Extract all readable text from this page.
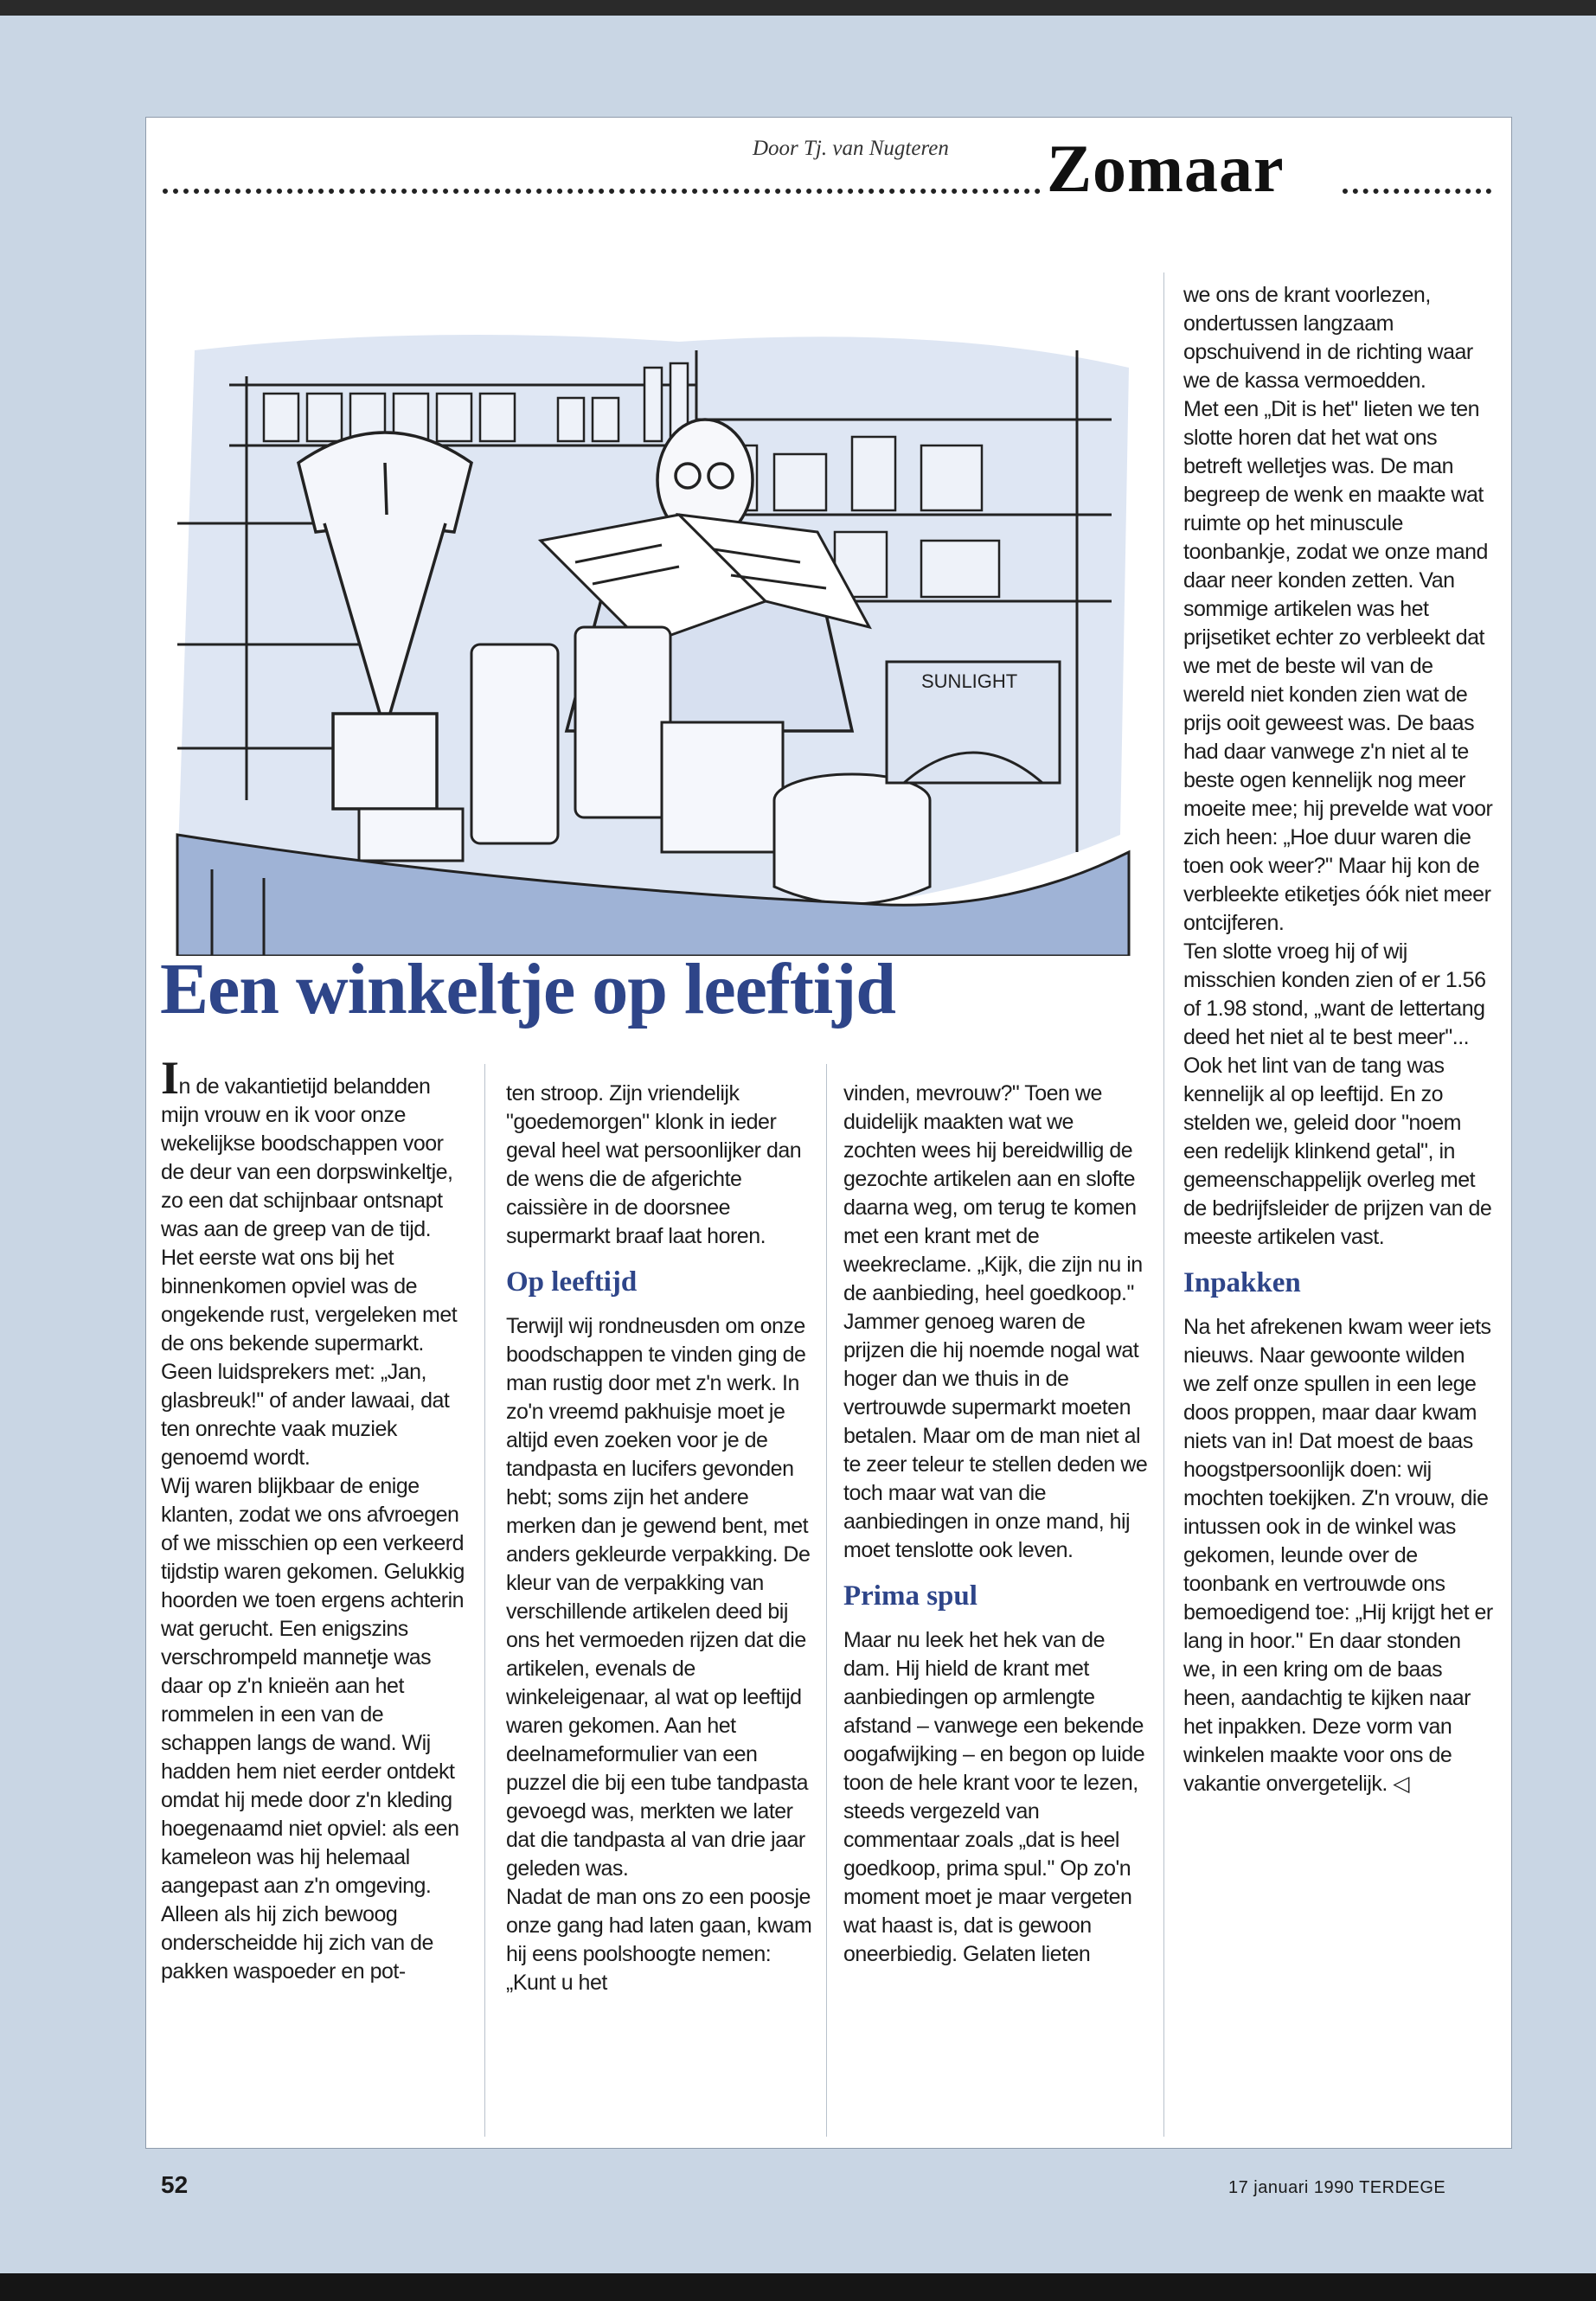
Door Tj. van Nugteren Zomaar
SUNLIGHT
Een winkeltje op leeftijd

In de vakantietijd belandden mijn vrouw en ik voor onze wekelijkse boodschappen voor de deur van een dorpswinkeltje, zo een dat schijnbaar ontsnapt was aan de greep van de tijd.

Het eerste wat ons bij het binnenkomen opviel was de ongekende rust, vergeleken met de ons bekende supermarkt. Geen luidsprekers met: „Jan, glasbreuk!" of ander lawaai, dat ten onrechte vaak muziek genoemd wordt.

Wij waren blijkbaar de enige klanten, zodat we ons afvroegen of we misschien op een verkeerd tijdstip waren gekomen. Gelukkig hoorden we toen ergens achterin wat gerucht. Een enigszins verschrompeld mannetje was daar op z'n knieën aan het rommelen in een van de schappen langs de wand. Wij hadden hem niet eerder ontdekt omdat hij mede door z'n kleding hoegenaamd niet opviel: als een kameleon was hij helemaal aangepast aan z'n omgeving. Alleen als hij zich bewoog onderscheidde hij zich van de pakken waspoeder en pot-

ten stroop. Zijn vriendelijk "goedemorgen" klonk in ieder geval heel wat persoonlijker dan de wens die de afgerichte caissière in de doorsnee supermarkt braaf laat horen.

Op leeftijd

Terwijl wij rondneusden om onze boodschappen te vinden ging de man rustig door met z'n werk. In zo'n vreemd pakhuisje moet je altijd even zoeken voor je de tandpasta en lucifers gevonden hebt; soms zijn het andere merken dan je gewend bent, met anders gekleurde verpakking. De kleur van de verpakking van verschillende artikelen deed bij ons het vermoeden rijzen dat die artikelen, evenals de winkeleigenaar, al wat op leeftijd waren gekomen. Aan het deelnameformulier van een puzzel die bij een tube tandpasta gevoegd was, merkten we later dat die tandpasta al van drie jaar geleden was.

Nadat de man ons zo een poosje onze gang had laten gaan, kwam hij eens poolshoogte nemen: „Kunt u het

vinden, mevrouw?" Toen we duidelijk maakten wat we zochten wees hij bereidwillig de gezochte artikelen aan en slofte daarna weg, om terug te komen met een krant met de weekreclame. „Kijk, die zijn nu in de aanbieding, heel goedkoop." Jammer genoeg waren de prijzen die hij noemde nogal wat hoger dan we thuis in de vertrouwde supermarkt moeten betalen. Maar om de man niet al te zeer teleur te stellen deden we toch maar wat van die aanbiedingen in onze mand, hij moet tenslotte ook leven.

Prima spul

Maar nu leek het hek van de dam. Hij hield de krant met aanbiedingen op armlengte afstand – vanwege een bekende oogafwijking – en begon op luide toon de hele krant voor te lezen, steeds vergezeld van commentaar zoals „dat is heel goedkoop, prima spul." Op zo'n moment moet je maar vergeten wat haast is, dat is gewoon oneerbiedig. Gelaten lieten

we ons de krant voorlezen, ondertussen langzaam opschuivend in de richting waar we de kassa vermoedden.

Met een „Dit is het" lieten we ten slotte horen dat het wat ons betreft welletjes was. De man begreep de wenk en maakte wat ruimte op het minuscule toonbankje, zodat we onze mand daar neer konden zetten. Van sommige artikelen was het prijsetiket echter zo verbleekt dat we met de beste wil van de wereld niet konden zien wat de prijs ooit geweest was. De baas had daar vanwege z'n niet al te beste ogen kennelijk nog meer moeite mee; hij prevelde wat voor zich heen: „Hoe duur waren die toen ook weer?" Maar hij kon de verbleekte etiketjes óók niet meer ontcijferen.

Ten slotte vroeg hij of wij misschien konden zien of er 1.56 of 1.98 stond, „want de lettertang deed het niet al te best meer"... Ook het lint van de tang was kennelijk al op leeftijd. En zo stelden we, geleid door "noem een redelijk klinkend getal", in gemeenschappelijk overleg met de bedrijfsleider de prijzen van de meeste artikelen vast.

Inpakken

Na het afrekenen kwam weer iets nieuws. Naar gewoonte wilden we zelf onze spullen in een lege doos proppen, maar daar kwam niets van in! Dat moest de baas hoogstpersoonlijk doen: wij mochten toekijken. Z'n vrouw, die intussen ook in de winkel was gekomen, leunde over de toonbank en vertrouwde ons bemoedigend toe: „Hij krijgt het er lang in hoor." En daar stonden we, in een kring om de baas heen, aandachtig te kijken naar het inpakken. Deze vorm van winkelen maakte voor ons de vakantie onvergetelijk. ◁

52	17 januari 1990 TERDEGE
